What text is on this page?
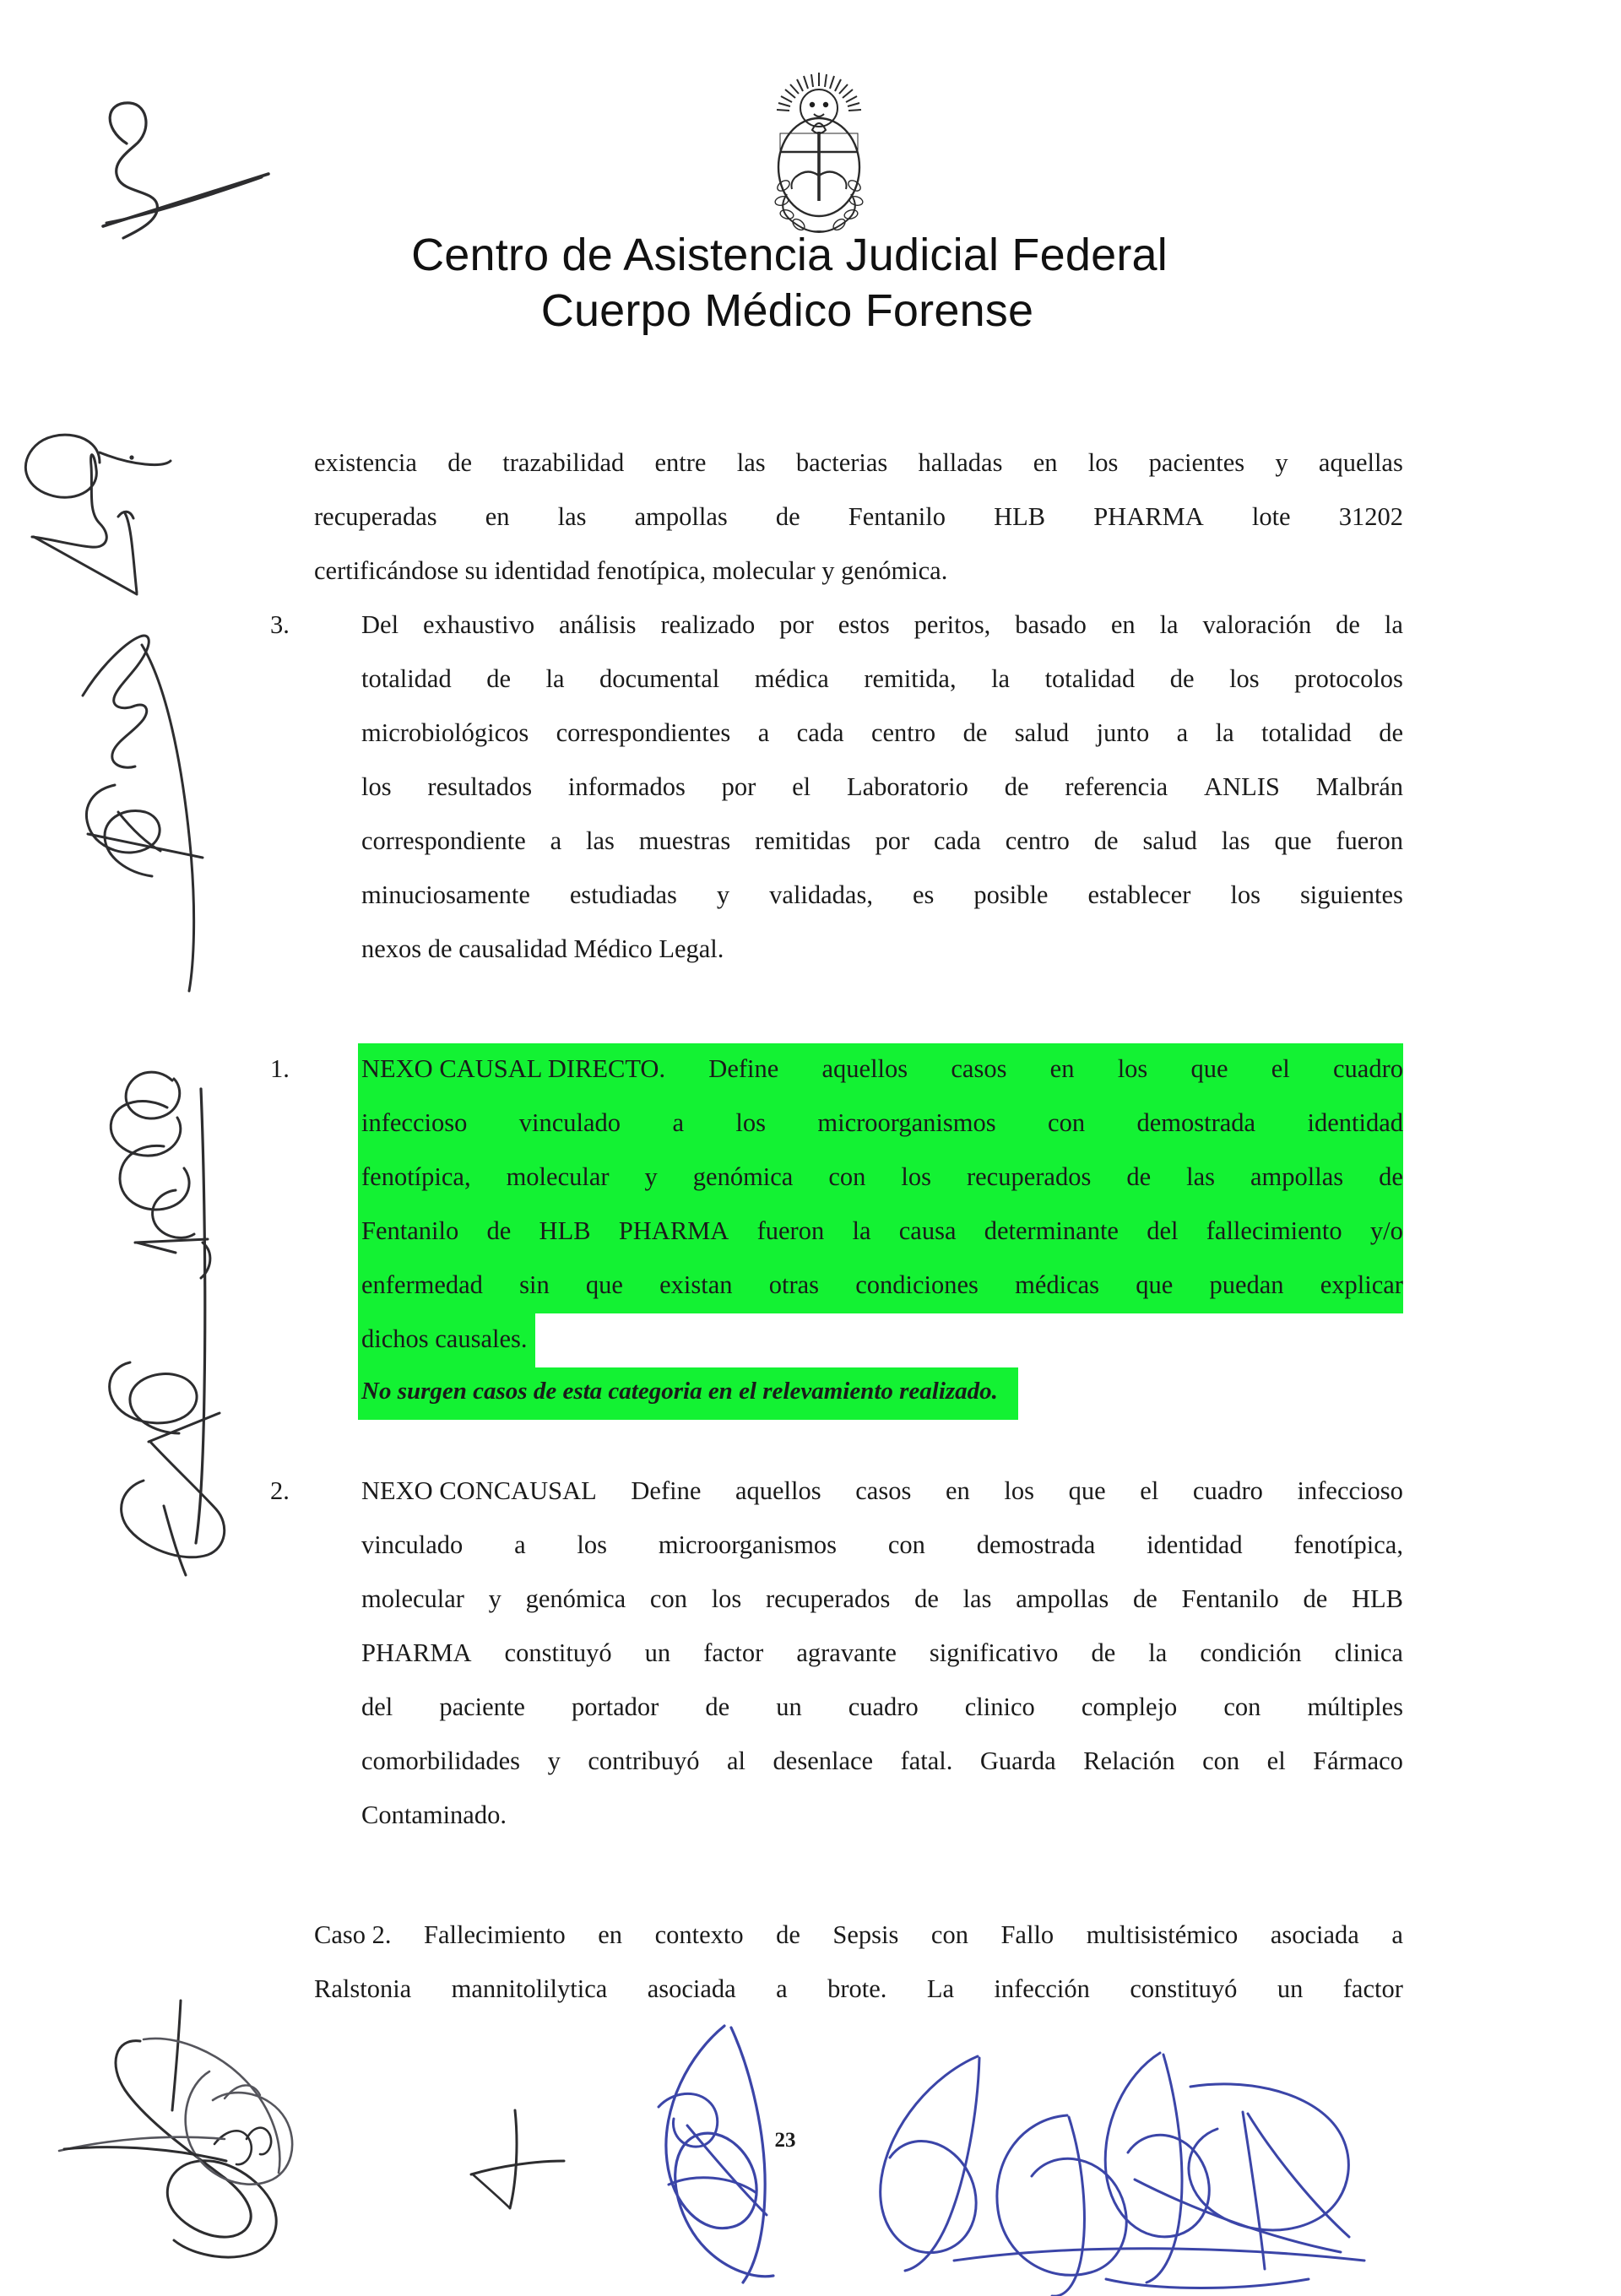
Centro de Asistencia Judicial Federal
Cuerpo Médico Forense
existencia de trazabilidad entre las bacterias halladas en los pacientes y aquellas
recuperadas en las ampollas de Fentanilo HLB PHARMA lote 31202
certificándose su identidad fenotípica, molecular y genómica.
3.	Del exhaustivo análisis realizado por estos peritos, basado en la valoración de la
totalidad de la documental médica remitida, la totalidad de los protocolos
microbiológicos correspondientes a cada centro de salud junto a la totalidad de
los resultados informados por el Laboratorio de referencia ANLIS Malbrán
correspondiente a las muestras remitidas por cada centro de salud las que fueron
minuciosamente estudiadas y validadas, es posible establecer los siguientes
nexos de causalidad Médico Legal.
1.	NEXO CAUSAL DIRECTO. Define aquellos casos en los que el cuadro
infeccioso vinculado a los microorganismos con demostrada identidad
fenotípica, molecular y genómica con los recuperados de las ampollas de
Fentanilo de HLB PHARMA fueron la causa determinante del fallecimiento y/o
enfermedad sin que existan otras condiciones médicas que puedan explicar
dichos causales.
No surgen casos de esta categoria en el relevamiento realizado.
2.	NEXO CONCAUSAL Define aquellos casos en los que el cuadro infeccioso
vinculado a los microorganismos con demostrada identidad fenotípica,
molecular y genómica con los recuperados de las ampollas de Fentanilo de HLB
PHARMA constituyó un factor agravante significativo de la condición clinica
del paciente portador de un cuadro clinico complejo con múltiples
comorbilidades y contribuyó al desenlace fatal. Guarda Relación con el Fármaco
Contaminado.
Caso 2. Fallecimiento en contexto de Sepsis con Fallo multisistémico asociada a
Ralstonia mannitolilytica asociada a brote. La infección constituyó un factor
23
